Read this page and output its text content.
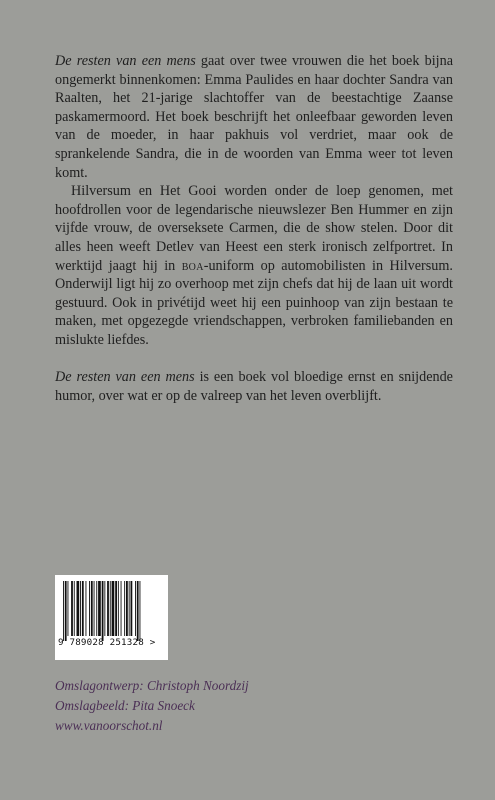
De resten van een mens gaat over twee vrouwen die het boek bijna ongemerkt binnenkomen: Emma Paulides en haar dochter Sandra van Raalten, het 21-jarige slachtoffer van de beestachtige Zaanse paskamermoord. Het boek beschrijft het onleefbaar geworden leven van de moeder, in haar pakhuis vol verdriet, maar ook de sprankelende Sandra, die in de woorden van Emma weer tot leven komt.

Hilversum en Het Gooi worden onder de loep genomen, met hoofdrollen voor de legendarische nieuwslezer Ben Hummer en zijn vijfde vrouw, de overseksete Carmen, die de show stelen. Door dit alles heen weeft Detlev van Heest een sterk ironisch zelfportret. In werktijd jaagt hij in boa-uniform op automobilisten in Hilversum. Onderwijl ligt hij zo overhoop met zijn chefs dat hij de laan uit wordt gestuurd. Ook in privétijd weet hij een puinhoop van zijn bestaan te maken, met opgezegde vriendschappen, verbroken familiebanden en mislukte liefdes.

De resten van een mens is een boek vol bloedige ernst en snijdende humor, over wat er op de valreep van het leven overblijft.

9 789028 251328 >
Omslagontwerp: Christoph Noordzij
Omslagbeeld: Pita Snoeck
www.vanoorschot.nl
